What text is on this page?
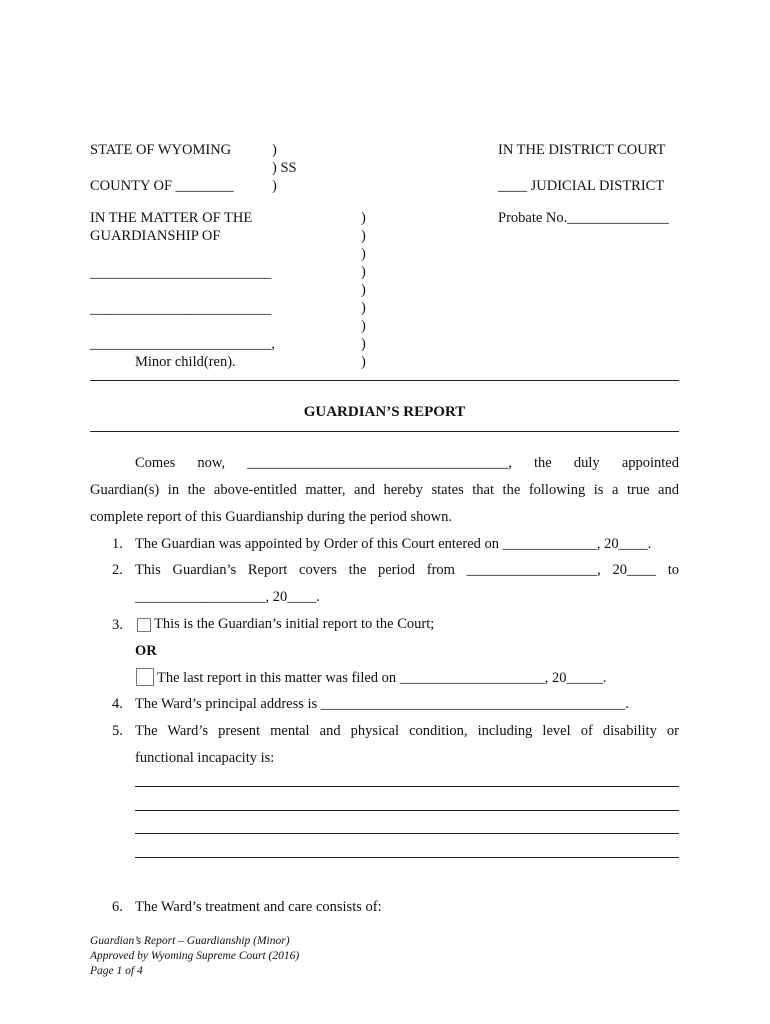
STATE OF WYOMING	)
) SS
COUNTY OF ________	)
IN THE DISTRICT COURT
____ JUDICIAL DISTRICT
IN THE MATTER OF THE
GUARDIANSHIP OF
Probate No.______________
_________________________
_________________________
_________________________,
Minor child(ren).
)
)
)
)
)
)
)
)
)
GUARDIAN’S REPORT
Comes now, ____________________________________, the duly appointed
Guardian(s) in the above-entitled matter, and hereby states that the following is a true and
complete report of this Guardianship during the period shown.
1. The Guardian was appointed by Order of this Court entered on _____________, 20____.
2. This Guardian’s Report covers the period from __________________, 20____ to
__________________, 20____.
3. This is the Guardian’s initial report to the Court;
OR
The last report in this matter was filed on ____________________, 20_____.
4. The Ward’s principal address is __________________________________________.
5. The Ward’s present mental and physical condition, including level of disability or
functional incapacity is:
6. The Ward’s treatment and care consists of:
Guardian’s Report – Guardianship (Minor)
Approved by Wyoming Supreme Court (2016)
Page 1 of 4
